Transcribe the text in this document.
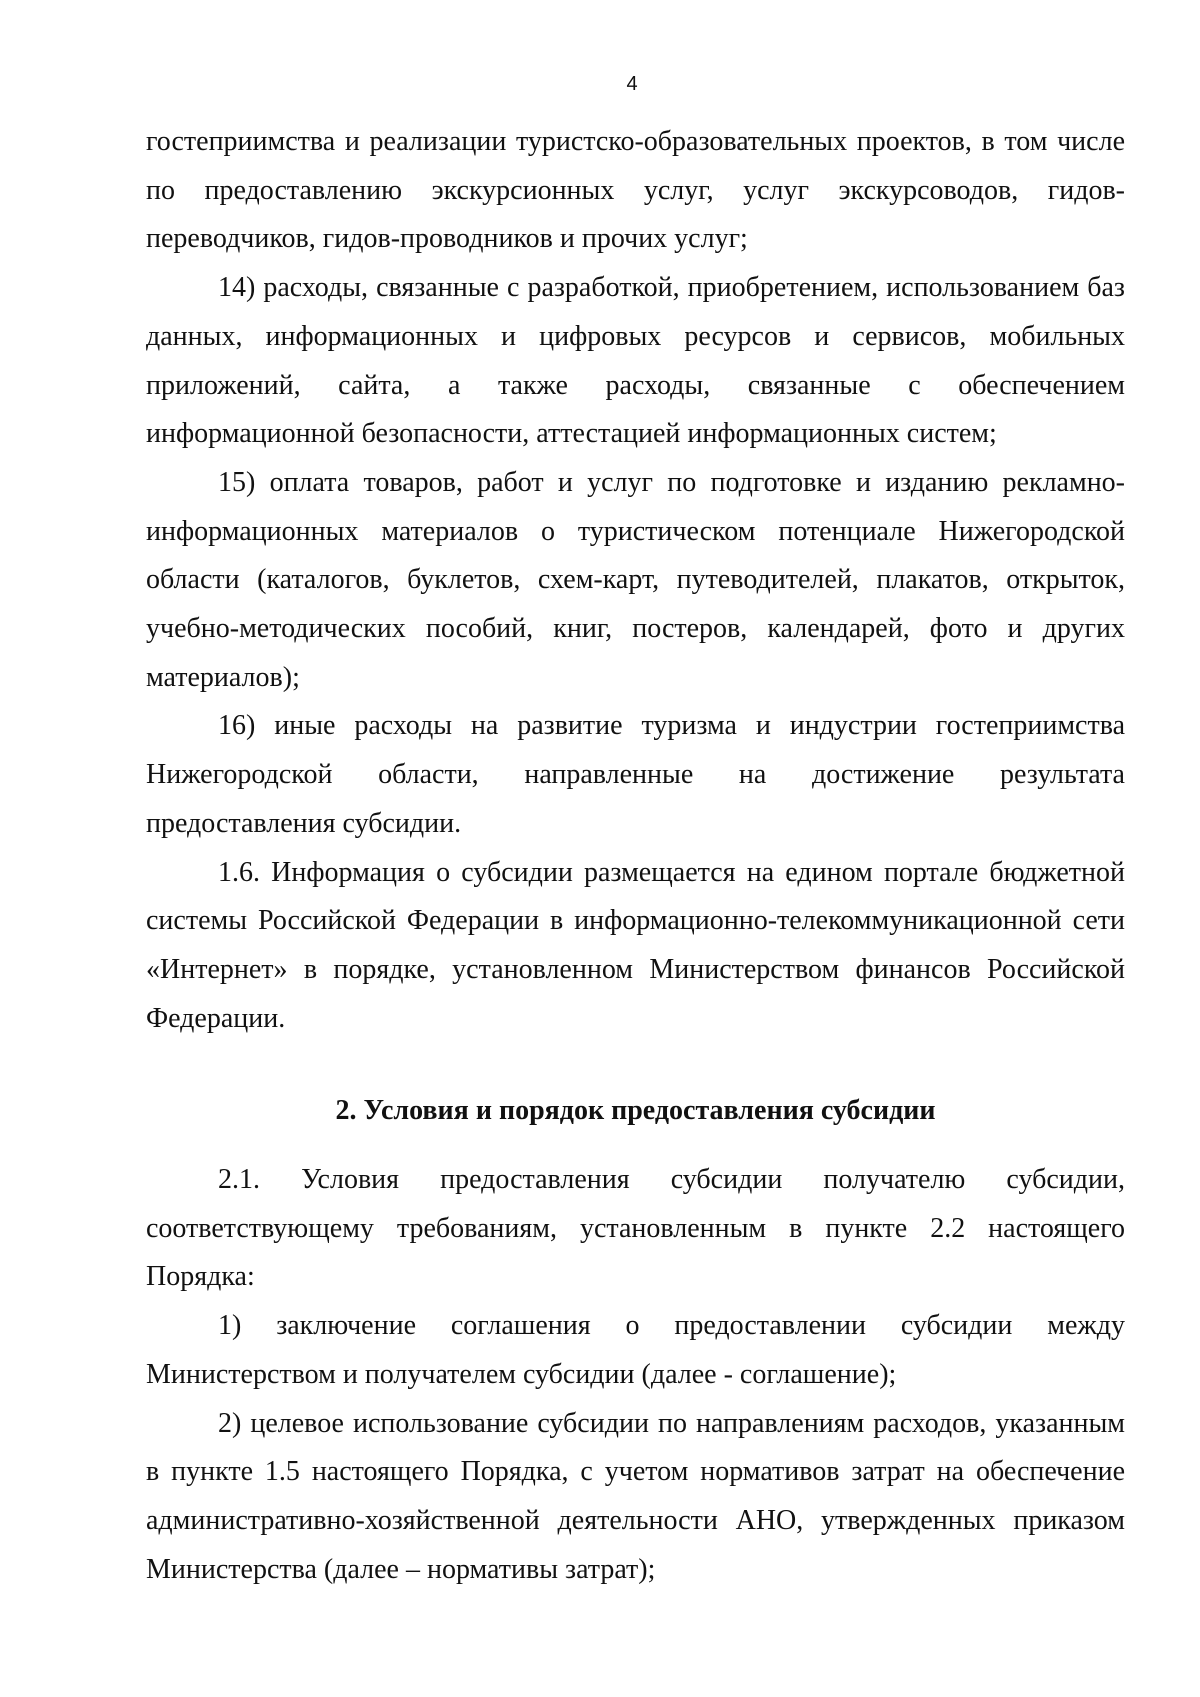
4

гостеприимства и реализации туристско-образовательных проектов, в том числе по предоставлению экскурсионных услуг, услуг экскурсоводов, гидов-переводчиков, гидов-проводников и прочих услуг;

14) расходы, связанные с разработкой, приобретением, использованием баз данных, информационных и цифровых ресурсов и сервисов, мобильных приложений, сайта, а также расходы, связанные с обеспечением информационной безопасности, аттестацией информационных систем;

15) оплата товаров, работ и услуг по подготовке и изданию рекламно-информационных материалов о туристическом потенциале Нижегородской области (каталогов, буклетов, схем-карт, путеводителей, плакатов, открыток, учебно-методических пособий, книг, постеров, календарей, фото и других материалов);

16) иные расходы на развитие туризма и индустрии гостеприимства Нижегородской области, направленные на достижение результата предоставления субсидии.

1.6. Информация о субсидии размещается на едином портале бюджетной системы Российской Федерации в информационно-телекоммуникационной сети «Интернет» в порядке, установленном Министерством финансов Российской Федерации.

2. Условия и порядок предоставления субсидии

2.1. Условия предоставления субсидии получателю субсидии, соответствующему требованиям, установленным в пункте 2.2 настоящего Порядка:

1) заключение соглашения о предоставлении субсидии между Министерством и получателем субсидии (далее - соглашение);

2) целевое использование субсидии по направлениям расходов, указанным в пункте 1.5 настоящего Порядка, с учетом нормативов затрат на обеспечение административно-хозяйственной деятельности АНО, утвержденных приказом Министерства (далее – нормативы затрат);
